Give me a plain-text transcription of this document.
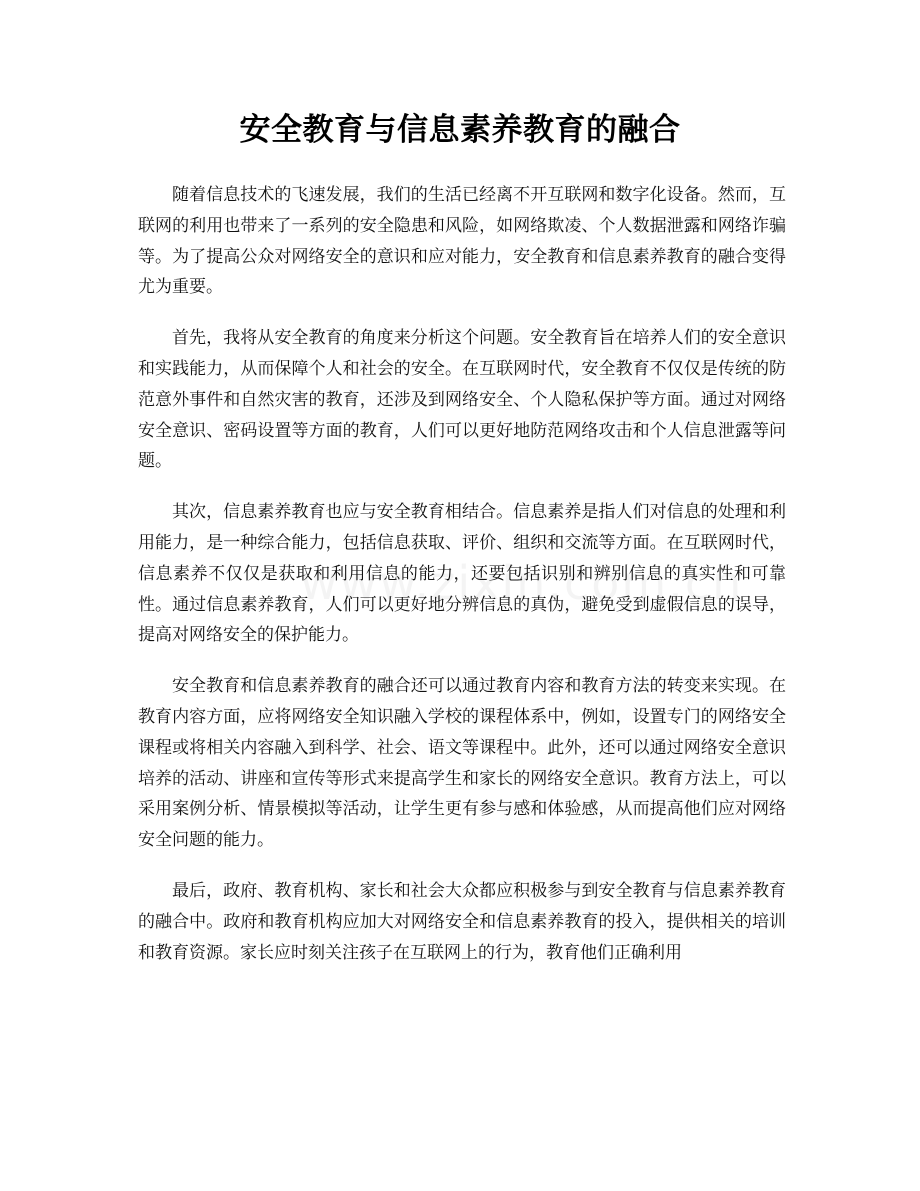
安全教育与信息素养教育的融合

随着信息技术的飞速发展，我们的生活已经离不开互联网和数字化设备。然而，互联网的利用也带来了一系列的安全隐患和风险，如网络欺凌、个人数据泄露和网络诈骗等。为了提高公众对网络安全的意识和应对能力，安全教育和信息素养教育的融合变得尤为重要。

首先，我将从安全教育的角度来分析这个问题。安全教育旨在培养人们的安全意识和实践能力，从而保障个人和社会的安全。在互联网时代，安全教育不仅仅是传统的防范意外事件和自然灾害的教育，还涉及到网络安全、个人隐私保护等方面。通过对网络安全意识、密码设置等方面的教育，人们可以更好地防范网络攻击和个人信息泄露等问题。

其次，信息素养教育也应与安全教育相结合。信息素养是指人们对信息的处理和利用能力，是一种综合能力，包括信息获取、评价、组织和交流等方面。在互联网时代，信息素养不仅仅是获取和利用信息的能力，还要包括识别和辨别信息的真实性和可靠性。通过信息素养教育，人们可以更好地分辨信息的真伪，避免受到虚假信息的误导，提高对网络安全的保护能力。

安全教育和信息素养教育的融合还可以通过教育内容和教育方法的转变来实现。在教育内容方面，应将网络安全知识融入学校的课程体系中，例如，设置专门的网络安全课程或将相关内容融入到科学、社会、语文等课程中。此外，还可以通过网络安全意识培养的活动、讲座和宣传等形式来提高学生和家长的网络安全意识。教育方法上，可以采用案例分析、情景模拟等活动，让学生更有参与感和体验感，从而提高他们应对网络安全问题的能力。

最后，政府、教育机构、家长和社会大众都应积极参与到安全教育与信息素养教育的融合中。政府和教育机构应加大对网络安全和信息素养教育的投入，提供相关的培训和教育资源。家长应时刻关注孩子在互联网上的行为，教育他们正确利用
